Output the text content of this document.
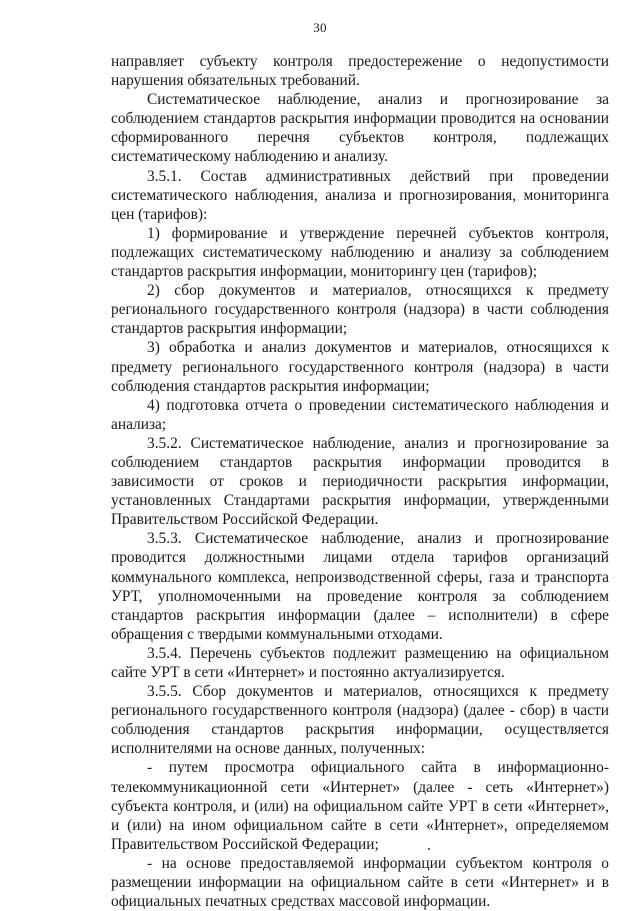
30

направляет субъекту контроля предостережение о недопустимости нарушения обязательных требований.

Систематическое наблюдение, анализ и прогнозирование за соблюдением стандартов раскрытия информации проводится на основании сформированного перечня субъектов контроля, подлежащих систематическому наблюдению и анализу.

3.5.1. Состав административных действий при проведении систематического наблюдения, анализа и прогнозирования, мониторинга цен (тарифов):

1) формирование и утверждение перечней субъектов контроля, подлежащих систематическому наблюдению и анализу за соблюдением стандартов раскрытия информации, мониторингу цен (тарифов);

2) сбор документов и материалов, относящихся к предмету регионального государственного контроля (надзора) в части соблюдения стандартов раскрытия информации;

3) обработка и анализ документов и материалов, относящихся к предмету регионального государственного контроля (надзора) в части соблюдения стандартов раскрытия информации;

4) подготовка отчета о проведении систематического наблюдения и анализа;

3.5.2. Систематическое наблюдение, анализ и прогнозирование за соблюдением стандартов раскрытия информации проводится в зависимости от сроков и периодичности раскрытия информации, установленных Стандартами раскрытия информации, утвержденными Правительством Российской Федерации.

3.5.3. Систематическое наблюдение, анализ и прогнозирование проводится должностными лицами отдела тарифов организаций коммунального комплекса, непроизводственной сферы, газа и транспорта УРТ, уполномоченными на проведение контроля за соблюдением стандартов раскрытия информации (далее – исполнители) в сфере обращения с твердыми коммунальными отходами.

3.5.4. Перечень субъектов подлежит размещению на официальном сайте УРТ в сети «Интернет» и постоянно актуализируется.

3.5.5. Сбор документов и материалов, относящихся к предмету регионального государственного контроля (надзора) (далее - сбор) в части соблюдения стандартов раскрытия информации, осуществляется исполнителями на основе данных, полученных:

- путем просмотра официального сайта в информационно-телекоммуникационной сети «Интернет» (далее - сеть «Интернет») субъекта контроля, и (или) на официальном сайте УРТ в сети «Интернет», и (или) на ином официальном сайте в сети «Интернет», определяемом Правительством Российской Федерации;

- на основе предоставляемой информации субъектом контроля о размещении информации на официальном сайте в сети «Интернет» и в официальных печатных средствах массовой информации.
